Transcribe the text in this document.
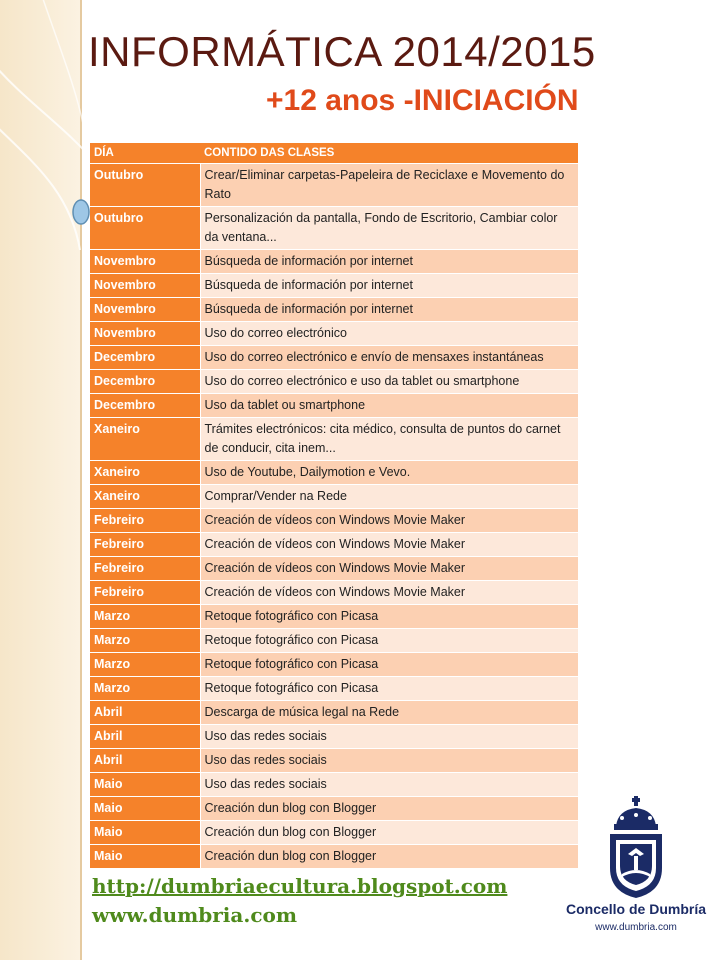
INFORMÁTICA 2014/2015
+12 anos -INICIACIÓN
DÍA	CONTIDO DAS CLASES
Outubro	Crear/Eliminar carpetas-Papeleira de Reciclaxe e Movemento do Rato
Outubro	Personalización da pantalla, Fondo de Escritorio, Cambiar color da ventana...
Novembro	Búsqueda de información por internet
Novembro	Búsqueda de información por internet
Novembro	Búsqueda de información por internet
Novembro	Uso do correo electrónico
Decembro	Uso do correo electrónico e envío de mensaxes instantáneas
Decembro	Uso do correo electrónico e uso da tablet ou smartphone
Decembro	Uso da tablet ou smartphone
Xaneiro	Trámites electrónicos: cita médico, consulta de puntos do carnet de conducir, cita inem...
Xaneiro	Uso de Youtube, Dailymotion e Vevo.
Xaneiro	Comprar/Vender na Rede
Febreiro	Creación de vídeos con Windows Movie Maker
Febreiro	Creación de vídeos con Windows Movie Maker
Febreiro	Creación de vídeos con Windows Movie Maker
Febreiro	Creación de vídeos con Windows Movie Maker
Marzo	Retoque fotográfico con Picasa
Marzo	Retoque fotográfico con Picasa
Marzo	Retoque fotográfico con Picasa
Marzo	Retoque fotográfico con Picasa
Abril	Descarga de música legal na Rede
Abril	Uso das redes sociais
Abril	Uso das redes sociais
Maio	Uso das redes sociais
Maio	Creación dun blog con Blogger
Maio	Creación dun blog con Blogger
Maio	Creación dun blog con Blogger
http://dumbriaecultura.blogspot.com
www.dumbria.com	Concello de Dumbría
www.dumbria.com
